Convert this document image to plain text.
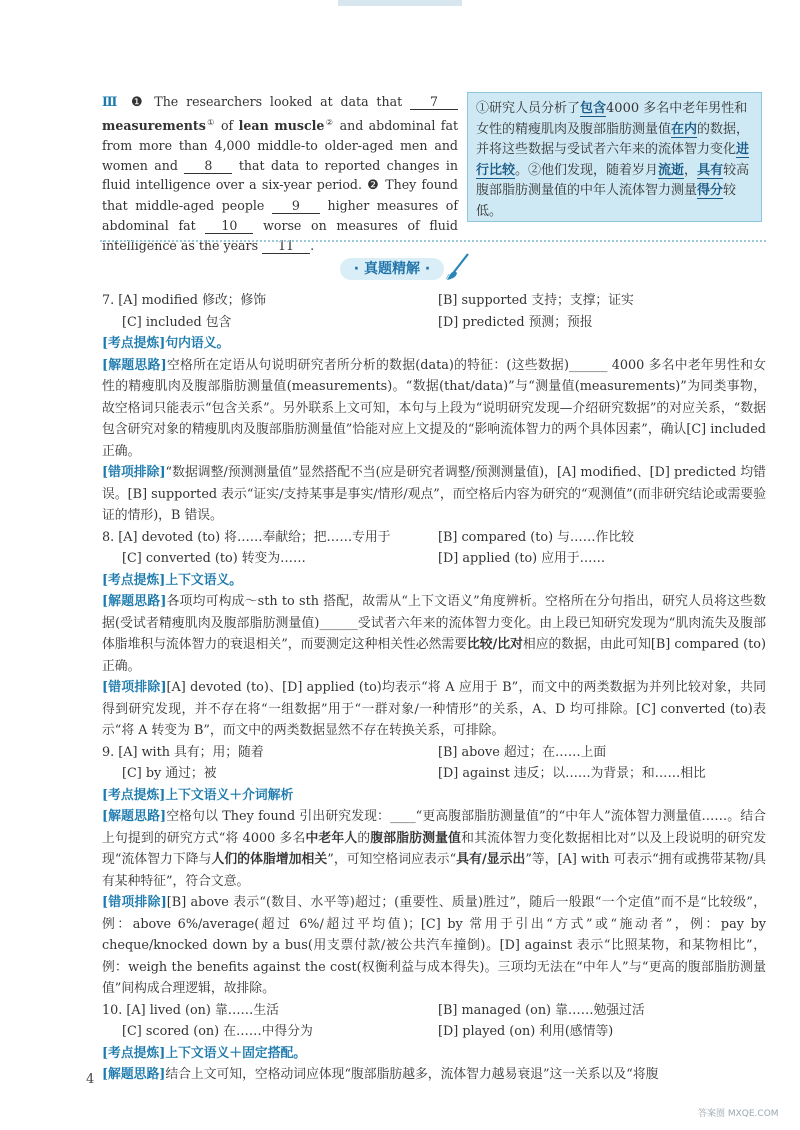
Ⅲ ❶ The researchers looked at data that 7 measurements① of lean muscle② and abdominal fat from more than 4,000 middle-to older-aged men and women and 8 that data to reported changes in fluid intelligence over a six-year period. ❷ They found that middle-aged people 9 higher measures of abdominal fat 10 worse on measures of fluid intelligence as the years 11 .
①研究人员分析了包含4000 多名中老年男性和女性的精瘦肌肉及腹部脂肪测量值在内的数据，并将这些数据与受试者六年来的流体智力变化进行比较。②他们发现，随着岁月流逝，具有较高腹部脂肪测量值的中年人流体智力测量得分较低。
· 真题精解 ·
7. [A] modified 修改；修饰	[B] supported 支持；支撑；证实
[C] included 包含	[D] predicted 预测；预报
[考点提炼]句内语义。
[解题思路]空格所在定语从句说明研究者所分析的数据(data)的特征：(这些数据)______ 4000 多名中老年男性和女性的精瘦肌肉及腹部脂肪测量值(measurements)。“数据(that/data)”与“测量值(measurements)”为同类事物，故空格词只能表示“包含关系”。另外联系上文可知，本句与上段为“说明研究发现—介绍研究数据”的对应关系，“数据包含研究对象的精瘦肌肉及腹部脂肪测量值”恰能对应上文提及的“影响流体智力的两个具体因素”，确认[C] included 正确。
[错项排除]“数据调整/预测测量值”显然搭配不当(应是研究者调整/预测测量值)，[A] modified、[D] predicted 均错误。[B] supported 表示“证实/支持某事是事实/情形/观点”，而空格后内容为研究的“观测值”(而非研究结论或需要验证的情形)，B 错误。
8. [A] devoted (to) 将……奉献给；把……专用于	[B] compared (to) 与……作比较
[C] converted (to) 转变为……	[D] applied (to) 应用于……
[考点提炼]上下文语义。
[解题思路]各项均可构成～sth to sth 搭配，故需从“上下文语义”角度辨析。空格所在分句指出，研究人员将这些数据(受试者精瘦肌肉及腹部脂肪测量值)______受试者六年来的流体智力变化。由上段已知研究发现为“肌肉流失及腹部体脂堆积与流体智力的衰退相关”，而要测定这种相关性必然需要比较/比对相应的数据，由此可知[B] compared (to)正确。
[错项排除][A] devoted (to)、[D] applied (to)均表示“将 A 应用于 B”，而文中的两类数据为并列比较对象，共同得到研究发现，并不存在将“一组数据”用于“一群对象/一种情形”的关系，A、D 均可排除。[C] converted (to)表示“将 A 转变为 B”，而文中的两类数据显然不存在转换关系，可排除。
9. [A] with 具有；用；随着	[B] above 超过；在……上面
[C] by 通过；被	[D] against 违反；以……为背景；和……相比
[考点提炼]上下文语义＋介词解析
[解题思路]空格句以 They found 引出研究发现：____“更高腹部脂肪测量值”的“中年人”流体智力测量值……。结合上句提到的研究方式“将 4000 多名中老年人的腹部脂肪测量值和其流体智力变化数据相比对”以及上段说明的研究发现“流体智力下降与人们的体脂增加相关”，可知空格词应表示“具有/显示出”等，[A] with 可表示“拥有或携带某物/具有某种特征”，符合文意。
[错项排除][B] above 表示“(数目、水平等)超过；(重要性、质量)胜过”，随后一般跟“一个定值”而不是“比较级”，例：above 6%/average(超过 6%/超过平均值)；[C] by 常用于引出“方式”或“施动者”，例：pay by cheque/knocked down by a bus(用支票付款/被公共汽车撞倒)。[D] against 表示“比照某物，和某物相比”，例：weigh the benefits against the cost(权衡利益与成本得失)。三项均无法在“中年人”与“更高的腹部脂肪测量值”间构成合理逻辑，故排除。
10. [A] lived (on) 靠……生活	[B] managed (on) 靠……勉强过活
[C] scored (on) 在……中得分为	[D] played (on) 利用(感情等)
[考点提炼]上下文语义＋固定搭配。
[解题思路]结合上文可知，空格动词应体现“腹部脂肪越多，流体智力越易衰退”这一关系以及“将腹
4
答案圈 MXQE.COM
